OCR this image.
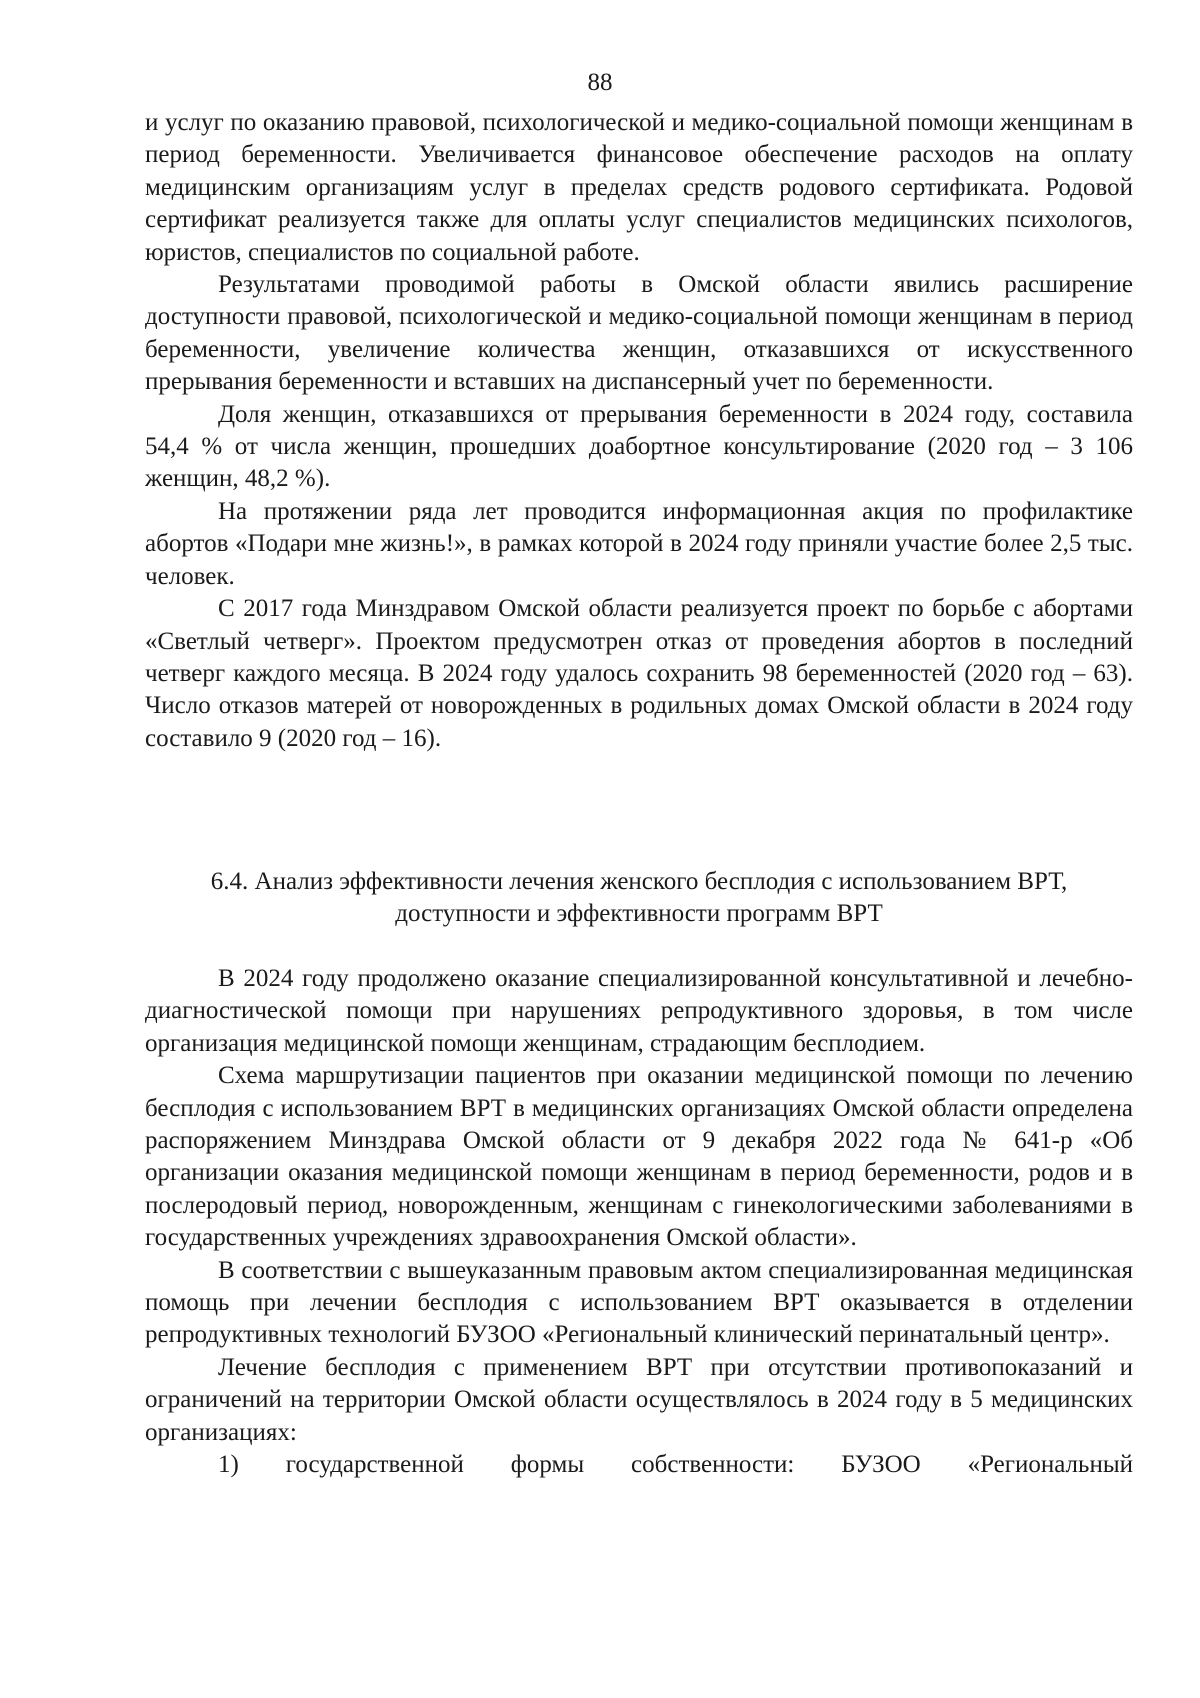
88

и услуг по оказанию правовой, психологической и медико-социальной помощи женщинам в период беременности. Увеличивается финансовое обеспечение расходов на оплату медицинским организациям услуг в пределах средств родового сертификата. Родовой сертификат реализуется также для оплаты услуг специалистов медицинских психологов, юристов, специалистов по социальной работе.

Результатами проводимой работы в Омской области явились расширение доступности правовой, психологической и медико-социальной помощи женщинам в период беременности, увеличение количества женщин, отказавшихся от искусственного прерывания беременности и вставших на диспансерный учет по беременности.

Доля женщин, отказавшихся от прерывания беременности в 2024 году, составила 54,4 % от числа женщин, прошедших доабортное консультирование (2020 год – 3 106 женщин, 48,2 %).

На протяжении ряда лет проводится информационная акция по профилактике абортов «Подари мне жизнь!», в рамках которой в 2024 году приняли участие более 2,5 тыс. человек.

С 2017 года Минздравом Омской области реализуется проект по борьбе с абортами «Светлый четверг». Проектом предусмотрен отказ от проведения абортов в последний четверг каждого месяца. В 2024 году удалось сохранить 98 беременностей (2020 год – 63). Число отказов матерей от новорожденных в родильных домах Омской области в 2024 году составило 9 (2020 год – 16).

6.4. Анализ эффективности лечения женского бесплодия с использованием ВРТ,
доступности и эффективности программ ВРТ

В 2024 году продолжено оказание специализированной консультативной и лечебно-диагностической помощи при нарушениях репродуктивного здоровья, в том числе организация медицинской помощи женщинам, страдающим бесплодием.

Схема маршрутизации пациентов при оказании медицинской помощи по лечению бесплодия с использованием ВРТ в медицинских организациях Омской области определена распоряжением Минздрава Омской области от 9 декабря 2022 года № 641-р «Об организации оказания медицинской помощи женщинам в период беременности, родов и в послеродовый период, новорожденным, женщинам с гинекологическими заболеваниями в государственных учреждениях здравоохранения Омской области».

В соответствии с вышеуказанным правовым актом специализированная медицинская помощь при лечении бесплодия с использованием ВРТ оказывается в отделении репродуктивных технологий БУЗОО «Региональный клинический перинатальный центр».

Лечение бесплодия с применением ВРТ при отсутствии противопоказаний и ограничений на территории Омской области осуществлялось в 2024 году в 5 медицинских организациях:

1) государственной формы собственности: БУЗОО «Региональный
